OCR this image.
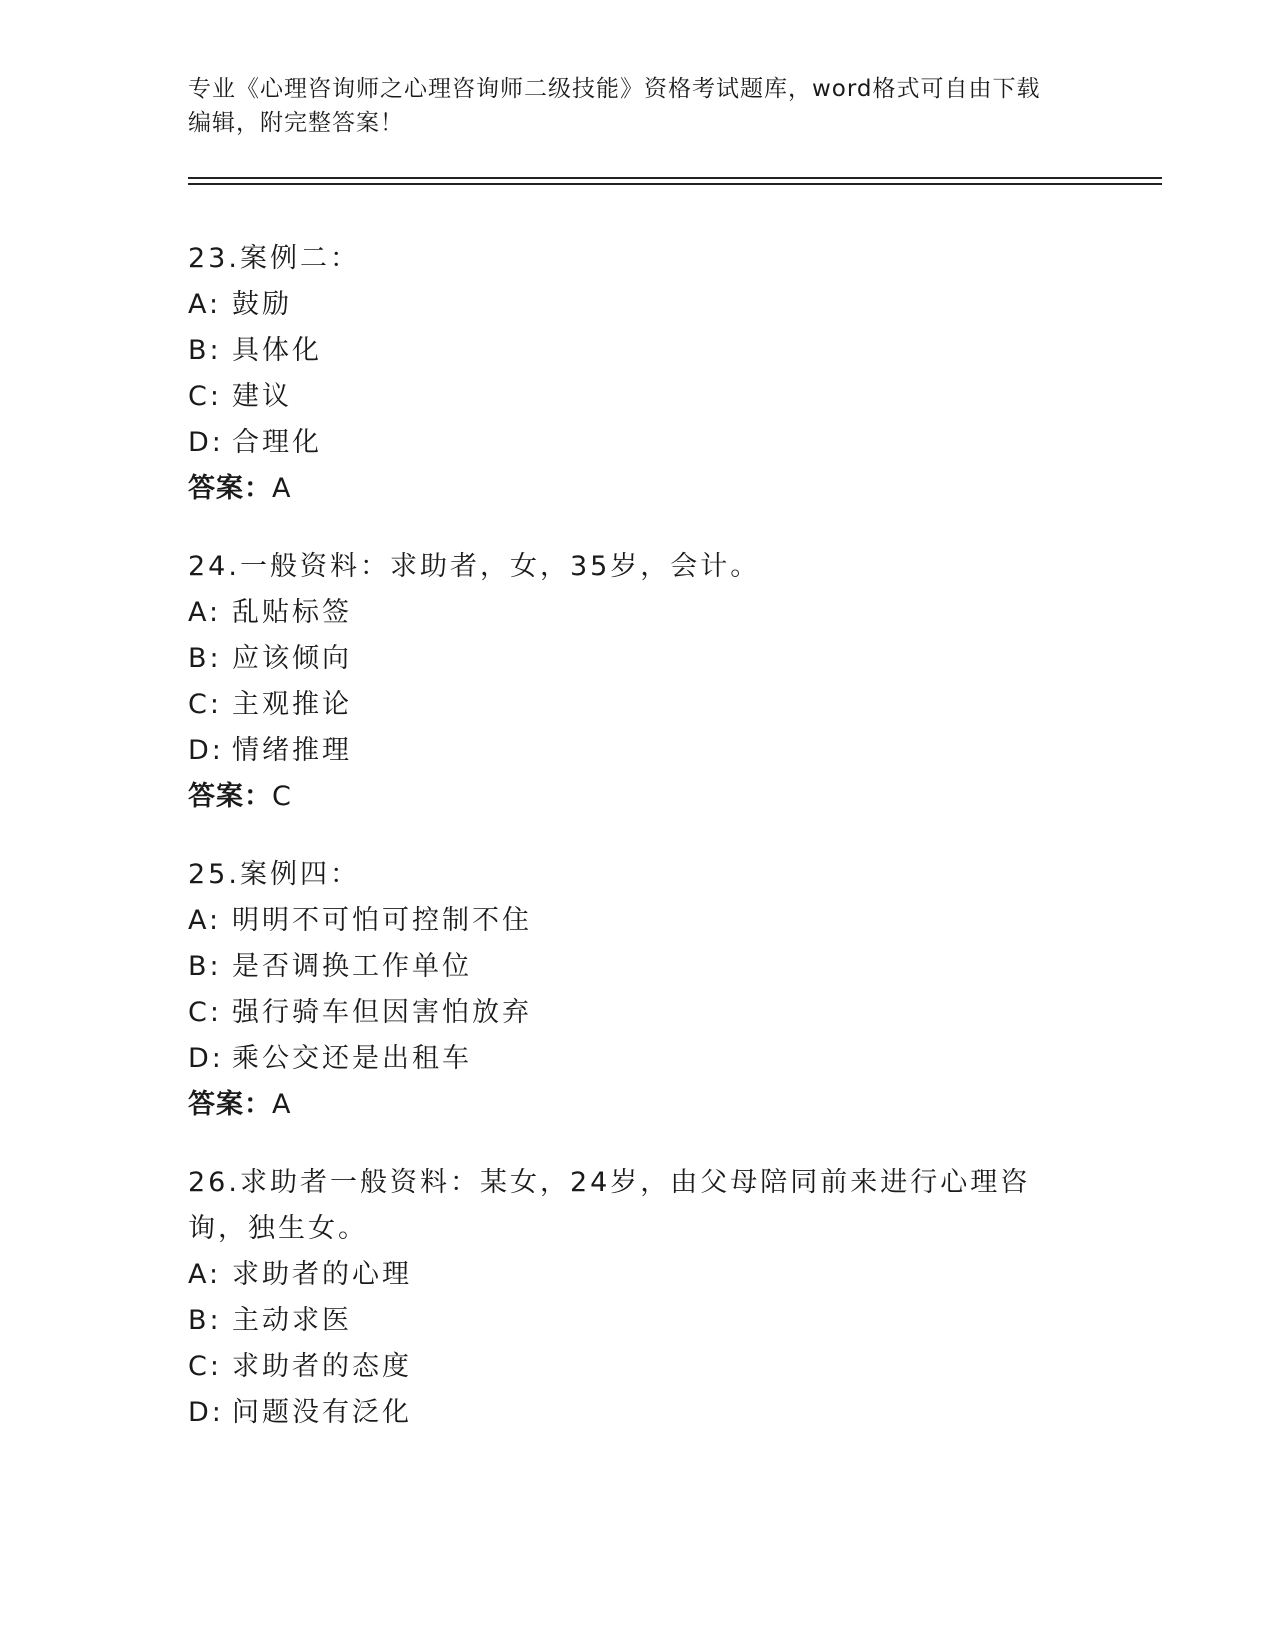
专业《心理咨询师之心理咨询师二级技能》资格考试题库，word格式可自由下载
编辑，附完整答案！

23.案例二：

A: 鼓励

B: 具体化

C: 建议

D: 合理化

答案：A

24.一般资料：求助者，女，35岁，会计。

A: 乱贴标签

B: 应该倾向

C: 主观推论

D: 情绪推理

答案：C

25.案例四：

A: 明明不可怕可控制不住

B: 是否调换工作单位

C: 强行骑车但因害怕放弃

D: 乘公交还是出租车

答案：A

26.求助者一般资料：某女，24岁，由父母陪同前来进行心理咨询，独生女。

A: 求助者的心理

B: 主动求医

C: 求助者的态度

D: 问题没有泛化
